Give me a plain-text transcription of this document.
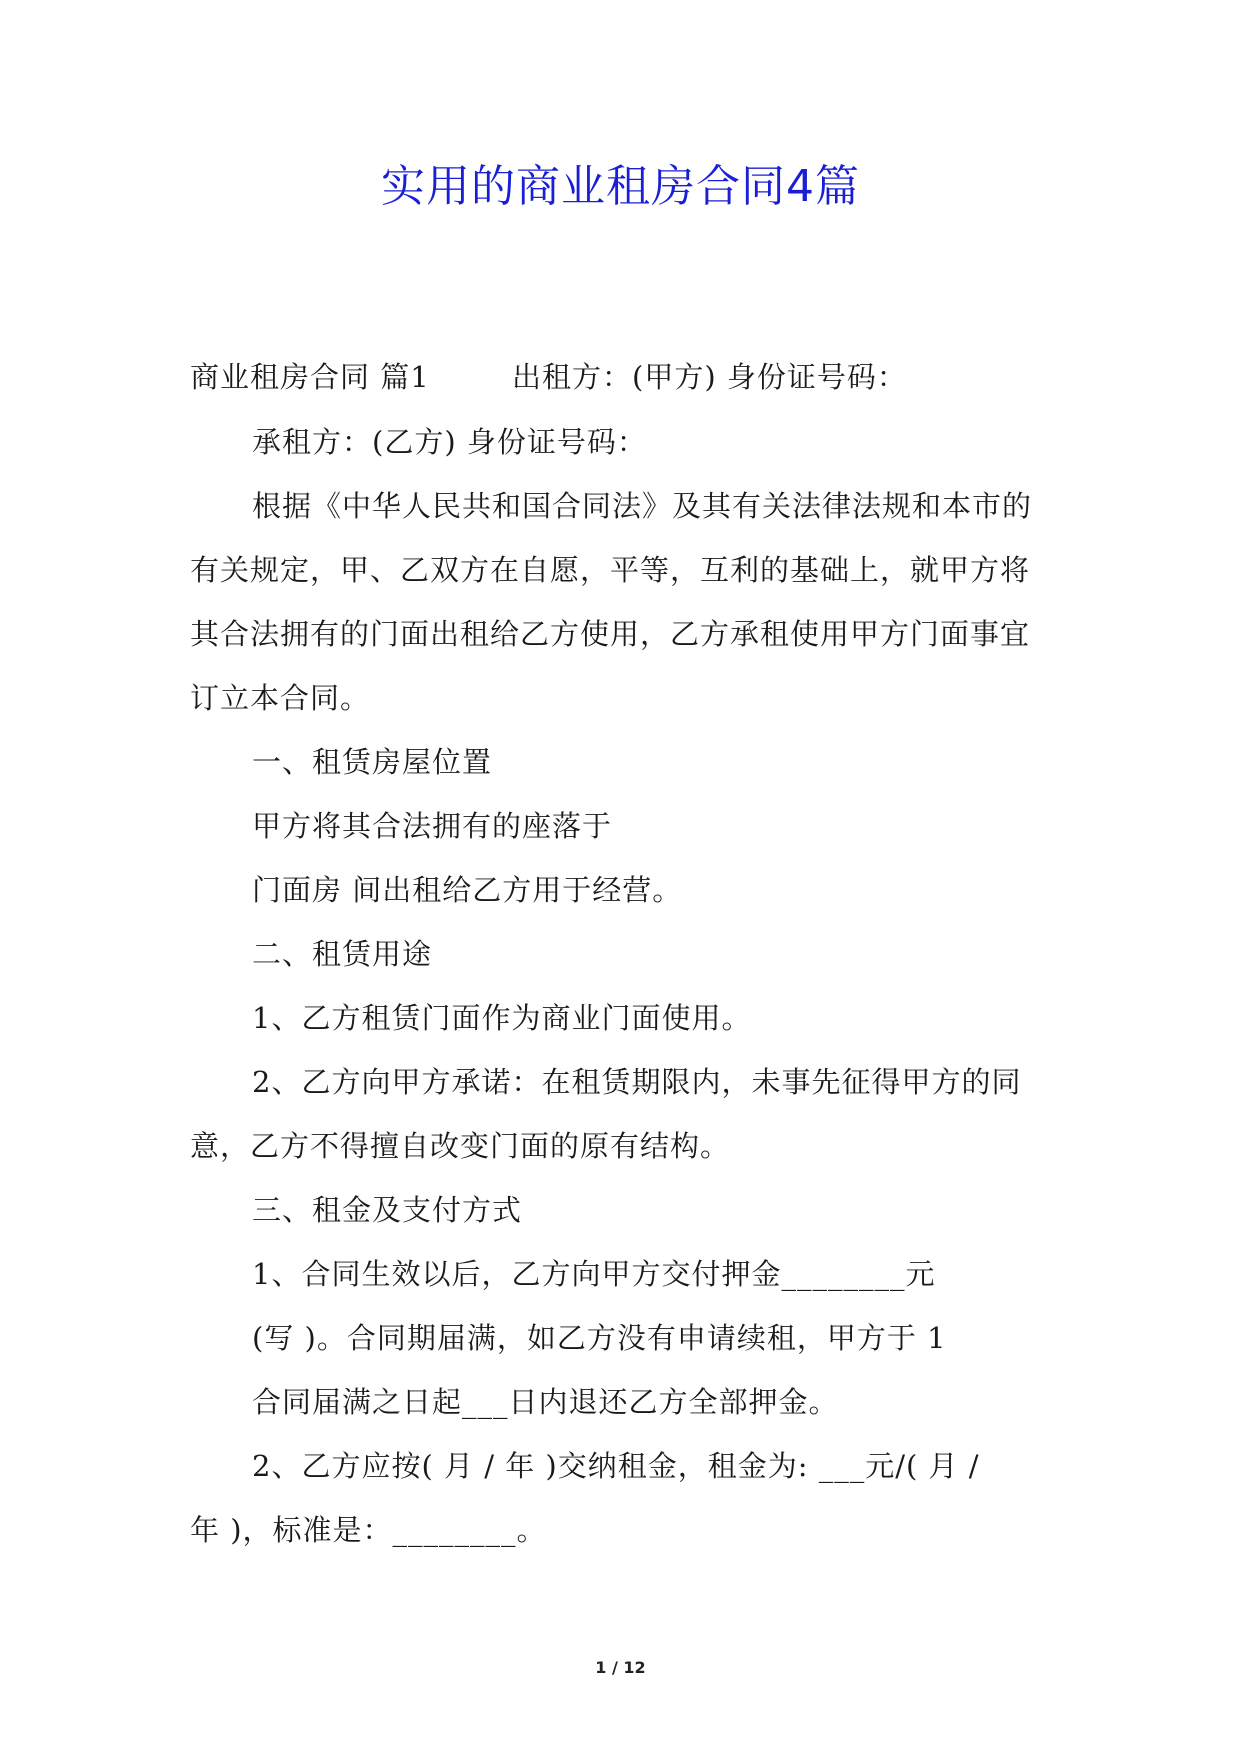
实用的商业租房合同4篇
商业租房合同 篇1	出租方：(甲方) 身份证号码：
承租方：(乙方) 身份证号码：
根据《中华人民共和国合同法》及其有关法律法规和本市的
有关规定，甲、乙双方在自愿，平等，互利的基础上，就甲方将
其合法拥有的门面出租给乙方使用，乙方承租使用甲方门面事宜
订立本合同。
一、租赁房屋位置
甲方将其合法拥有的座落于
门面房 间出租给乙方用于经营。
二、租赁用途
1、乙方租赁门面作为商业门面使用。
2、乙方向甲方承诺：在租赁期限内，未事先征得甲方的同
意，乙方不得擅自改变门面的原有结构。
三、租金及支付方式
1、合同生效以后，乙方向甲方交付押金________元
(写 )。合同期届满，如乙方没有申请续租，甲方于 1
合同届满之日起___日内退还乙方全部押金。
2、乙方应按( 月 / 年 )交纳租金，租金为: ___元/( 月 /
年 )，标准是：________。
1 / 12
